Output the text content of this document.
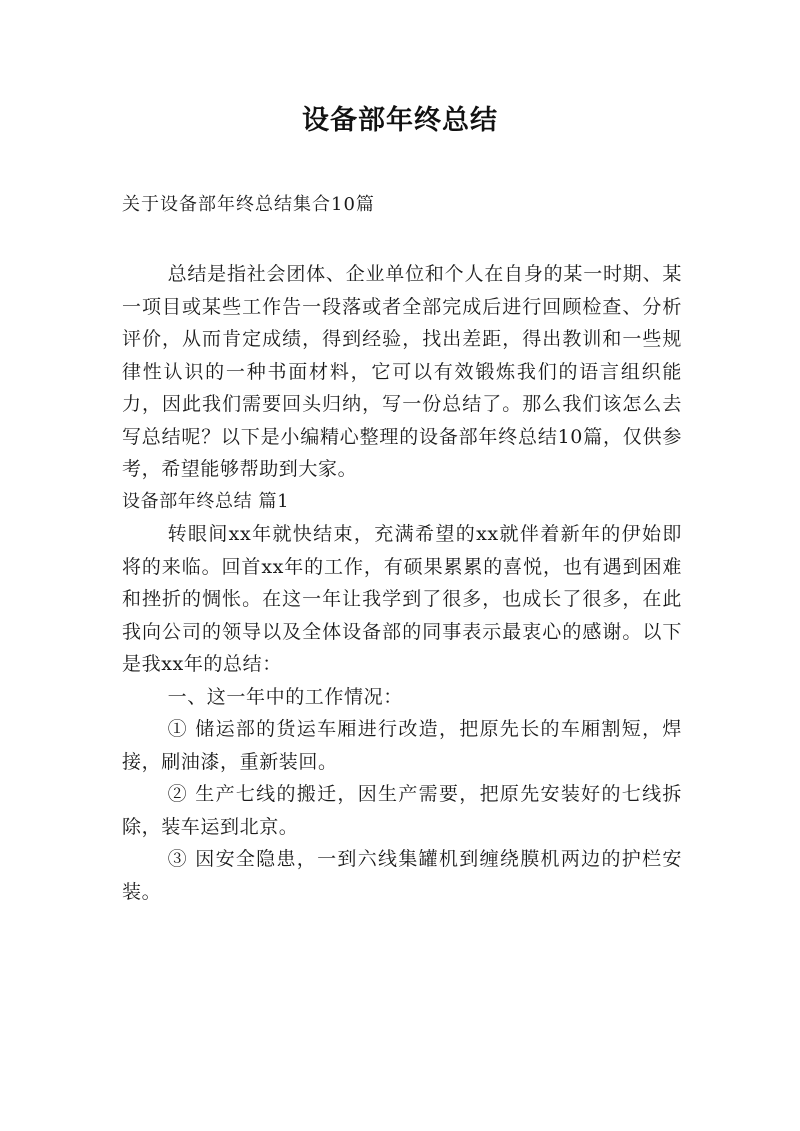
设备部年终总结
关于设备部年终总结集合10篇

总结是指社会团体、企业单位和个人在自身的某一时期、某一项目或某些工作告一段落或者全部完成后进行回顾检查、分析评价，从而肯定成绩，得到经验，找出差距，得出教训和一些规律性认识的一种书面材料，它可以有效锻炼我们的语言组织能力，因此我们需要回头归纳，写一份总结了。那么我们该怎么去写总结呢？以下是小编精心整理的设备部年终总结10篇，仅供参考，希望能够帮助到大家。

设备部年终总结 篇1

转眼间xx年就快结束，充满希望的xx就伴着新年的伊始即将的来临。回首xx年的工作，有硕果累累的喜悦，也有遇到困难和挫折的惆怅。在这一年让我学到了很多，也成长了很多，在此我向公司的领导以及全体设备部的同事表示最衷心的感谢。以下是我xx年的总结：

一、这一年中的工作情况：

① 储运部的货运车厢进行改造，把原先长的车厢割短，焊接，刷油漆，重新装回。

② 生产七线的搬迁，因生产需要，把原先安装好的七线拆除，装车运到北京。

③ 因安全隐患，一到六线集罐机到缠绕膜机两边的护栏安装。
